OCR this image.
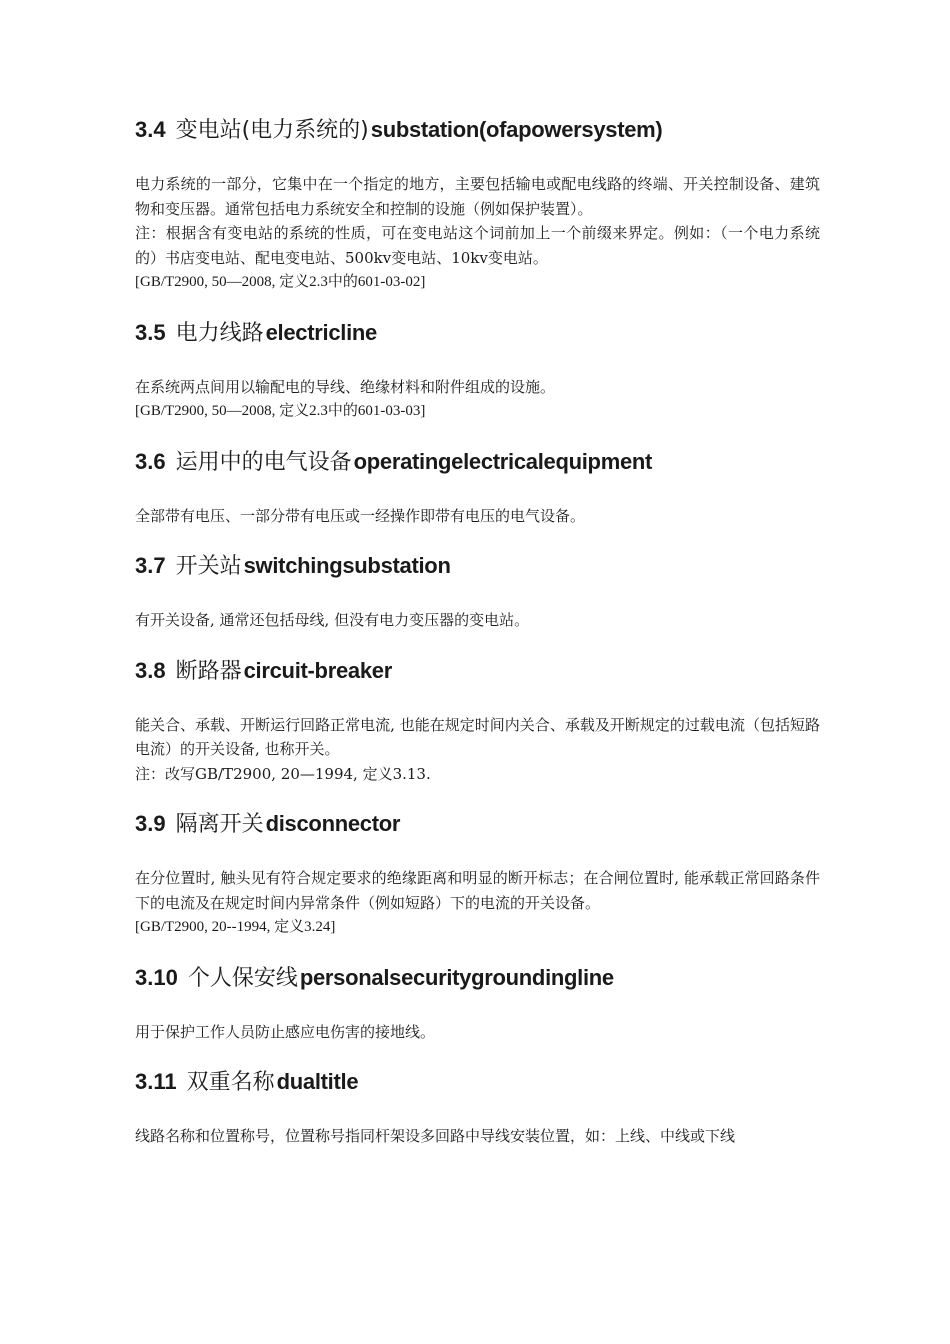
3.4 变电站(电力系统的)substation(ofapowersystem)

电力系统的一部分，它集中在一个指定的地方，主要包括输电或配电线路的终端、开关控制设备、建筑物和变压器。通常包括电力系统安全和控制的设施（例如保护装置）。

注：根据含有变电站的系统的性质，可在变电站这个词前加上一个前缀来界定。例如：（一个电力系统的）书店变电站、配电变电站、500kv变电站、10kv变电站。

[GB/T2900, 50—2008, 定义2.3中的601-03-02]

3.5 电力线路electricline

在系统两点间用以输配电的导线、绝缘材料和附件组成的设施。

[GB/T2900, 50—2008, 定义2.3中的601-03-03]

3.6 运用中的电气设备operatingelectricalequipment

全部带有电压、一部分带有电压或一经操作即带有电压的电气设备。

3.7 开关站switchingsubstation

有开关设备, 通常还包括母线, 但没有电力变压器的变电站。

3.8 断路器circuit-breaker

能关合、承载、开断运行回路正常电流, 也能在规定时间内关合、承载及开断规定的过载电流（包括短路电流）的开关设备, 也称开关。

注：改写GB/T2900, 20—1994, 定义3.13.

3.9 隔离开关disconnector

在分位置时, 触头见有符合规定要求的绝缘距离和明显的断开标志；在合闸位置时, 能承载正常回路条件下的电流及在规定时间内异常条件（例如短路）下的电流的开关设备。

[GB/T2900, 20--1994, 定义3.24]

3.10 个人保安线personalsecuritygroundingline

用于保护工作人员防止感应电伤害的接地线。

3.11 双重名称dualtitle

线路名称和位置称号，位置称号指同杆架设多回路中导线安装位置，如：上线、中线或下线
